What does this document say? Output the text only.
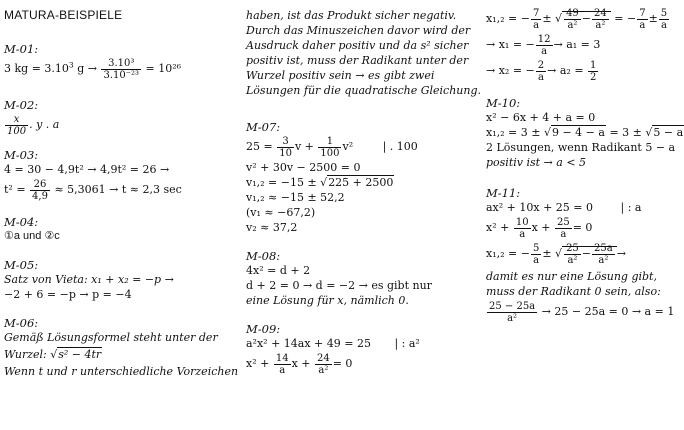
MATURA-BEISPIELE
M-01:
3 kg = $3.10^3$ $g \to \frac{\text{3.10³}}{\text{3.10⁻²³}} = 10^{26}$
M-02:
$\frac{x}{100}$ . y . a
M-03:
4 = 30 − 4,9t² → 4,9t² = 26 →
$t^2 = \frac{26}{4,9} \approx 5,3061 \to t \approx 2,3$ sec
M-04:
①a und ②c
M-05:
Satz von Vieta: x₁ + x₂ = −p →
−2 + 6 = −p → p = −4
M-06:
Gemäß Lösungsformel steht unter der
Wurzel: √s² − 4tr
Wenn t und r unterschiedliche Vorzeichen
haben, ist das Produkt sicher negativ.
Durch das Minuszeichen davor wird der
Ausdruck daher positiv und da s² sicher
positiv ist, muss der Radikant unter der
Wurzel positiv sein → es gibt zwei
Lösungen für die quadratische Gleichung.
M-07:
$25 = \frac{3}{10}$ $v + \frac{1}{100} v^2$	| . 100
v² + 30v − 2500 = 0
v₁,₂ = −15 ± √225 + 2500
v₁,₂ ≈ −15 ± 52,2
(v₁ ≈ −67,2)
v₂ ≈ 37,2
M-08:
4x² = d + 2
d + 2 = 0 → d = −2 → es gibt nur
eine Lösung für x, nämlich 0.
M-09:
a²x² + 14ax + 49 = 25 | : a²
$x^2 + \frac{14}{a}$ $x + \frac{24}{\text{a²}} = 0$
x₁,₂ = − $\frac{7}{a}$ ± √ $\frac{49}{\text{a²}} - \frac{24}{\text{a²}}$ = − $\frac{7}{a} \pm \frac{5}{a}$
→ x₁ = − $\frac{12}{a} \to a_1 = 3$
→ x₂ = − $\frac{2}{a} \to a_2 = \frac{1}{2}$
M-10:
x² − 6x + 4 + a = 0
x₁,₂ = 3 ± √9 − 4 − a = 3 ± √5 − a
2 Lösungen, wenn Radikant 5 − a
positiv ist → a < 5
M-11:
ax² + 10x + 25 = 0	| : a
$x^2 + \frac{10}{a}$ $x + \frac{25}{a} = 0$
x₁,₂ = − $\frac{5}{a}$ ± √ $\frac{25}{\text{a²}} - \frac{25a}{\text{a²}}$ →
damit es nur eine Lösung gibt,
muss der Radikant 0 sein, also:
$\frac{25 - 25a}{\text{a²}} \to 25 - 25a = 0 \to a = 1$
